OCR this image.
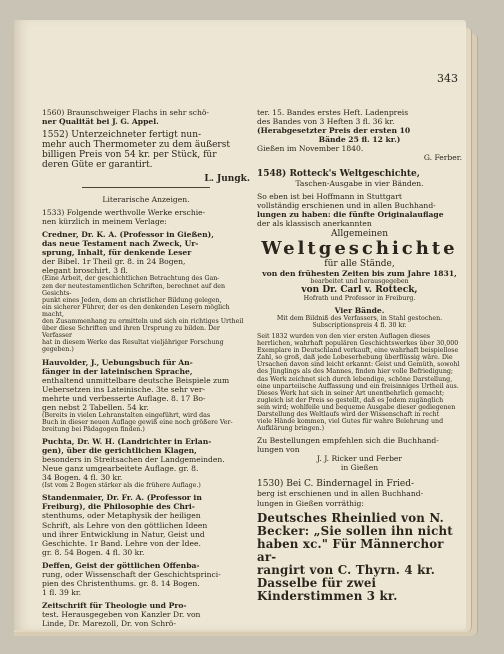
343

1560) Braunschweiger Flachs in sehr schö-

ner Qualität bei J. G. Appel.

1552) Unterzeichneter fertigt nun-

mehr auch Thermometer zu dem äußerst

billigen Preis von 54 kr. per Stück, für

deren Güte er garantirt.

L. Jungk.

Literarische Anzeigen.

1533) Folgende werthvolle Werke erschie-

nen kürzlich in meinem Verlage:

Credner, Dr. K. A. (Professor in Gießen),

das neue Testament nach Zweck, Ur-

sprung, Inhalt, für denkende Leser

der Bibel. 1r Theil gr. 8. in 24 Bogen,

elegant broschirt. 3 fl.

(Eine Arbeit, der geschichtlichen Betrachtung des Gan-

zen der neutestamentlichen Schriften, berechnet auf den Gesichts-

punkt eines Jeden, dem an christlicher Bildung gelegen,

ein sicherer Führer, der es den denkenden Lesern möglich macht,

den Zusammenhang zu ermitteln und sich ein richtiges Urtheil

über diese Schriften und ihren Ursprung zu bilden. Der Verfasser

hat in diesem Werke das Resultat vieljähriger Forschung gegeben.)

Hauvolder, J., Uebungsbuch für An-

fänger in der lateinischen Sprache,

enthaltend unmittelbare deutsche Beispiele zum

Uebersetzen ins Lateinische. 3te sehr ver-

mehrte und verbesserte Auflage. 8. 17 Bo-

gen nebst 2 Tabellen. 54 kr.

(Bereits in vielen Lehranstalten eingeführt, wird das

Buch in dieser neuen Auflage gewiß eine noch größere Ver-

breitung bei Pädagogen finden.)

Puchta, Dr. W. H. (Landrichter in Erlan-

gen), über die gerichtlichen Klagen,

besonders in Streitsachen der Landgemeinden.

Neue ganz umgearbeitete Auflage. gr. 8.

34 Bogen. 4 fl. 30 kr.

(Ist vom 2 Bogen stärker als die frühere Auflage.)

Standenmaier, Dr. Fr. A. (Professor in

Freiburg), die Philosophie des Chri-

stenthums, oder Metaphysik der heiligen

Schrift, als Lehre von den göttlichen Ideen

und ihrer Entwicklung in Natur, Geist und

Geschichte. 1r Band. Lehre von der Idee.

gr. 8. 54 Bogen. 4 fl. 30 kr.

Deffen, Geist der göttlichen Offenba-

rung, oder Wissenschaft der Geschichtsprinci-

pien des Christenthums. gr. 8. 14 Bogen.

1 fl. 39 kr.

Zeitschrift für Theologie und Pro-

test. Herausgegeben von Kanzler Dr. von

Linde, Dr. Marezoll, Dr. von Schrö-

ter. 15. Bandes erstes Heft. Ladenpreis

des Bandes von 3 Heften 3 fl. 36 kr.

(Herabgesetzter Preis der ersten 10

Bände 25 fl. 12 kr.)

Gießen im November 1840.

G. Ferber.

1548) Rotteck's Weltgeschichte,

Taschen-Ausgabe in vier Bänden.

So eben ist bei Hoffmann in Stuttgart

vollständig erschienen und in allen Buchhand-

lungen zu haben: die fünfte Originalauflage

der als klassisch anerkannten

Allgemeinen

Weltgeschichte

für alle Stände,

von den frühesten Zeiten bis zum Jahre 1831,

bearbeitet und herausgegeben

von Dr. Carl v. Rotteck,

Hofrath und Professor in Freiburg.

Vier Bände.

Mit dem Bildniß des Verfassers, in Stahl gestochen.

Subscriptionspreis 4 fl. 30 kr.

Seit 1832 wurden von den vier ersten Auflagen dieses

herrlichen, wahrhaft populären Geschichtswerkes über 30,000

Exemplare in Deutschland verkauft, eine wahrhaft beispiellose

Zahl, so groß, daß jede Lobeserhebung überflüssig wäre. Die

Ursachen davon sind leicht erkannt: Geist und Gemüth, sowohl

des Jünglings als des Mannes, finden hier volle Befriedigung;

das Werk zeichnet sich durch lebendige, schöne Darstellung,

eine unparteiische Auffassung und ein freisinniges Urtheil aus.

Dieses Werk hat sich in seiner Art unentbehrlich gemacht;

zugleich ist der Preis so gestellt, daß es Jedem zugänglich

sein wird; wohlfeile und bequeme Ausgabe dieser gediegenen

Darstellung des Weltlaufs wird der Wissenschaft in recht

viele Hände kommen, viel Gutes für wahre Belehrung und

Aufklärung bringen.)

Zu Bestellungen empfehlen sich die Buchhand-

lungen von

J. J. Ricker und Ferber

in Gießen

1530) Bei C. Bindernagel in Fried-

berg ist erschienen und in allen Buchhand-

lungen in Gießen vorräthig:

Deutsches Rheinlied von N.

Becker: „Sie sollen ihn nicht

haben xc." Für Männerchor ar-

rangirt von C. Thyrn. 4 kr.

Dasselbe für zwei Kinderstimmen 3 kr.
